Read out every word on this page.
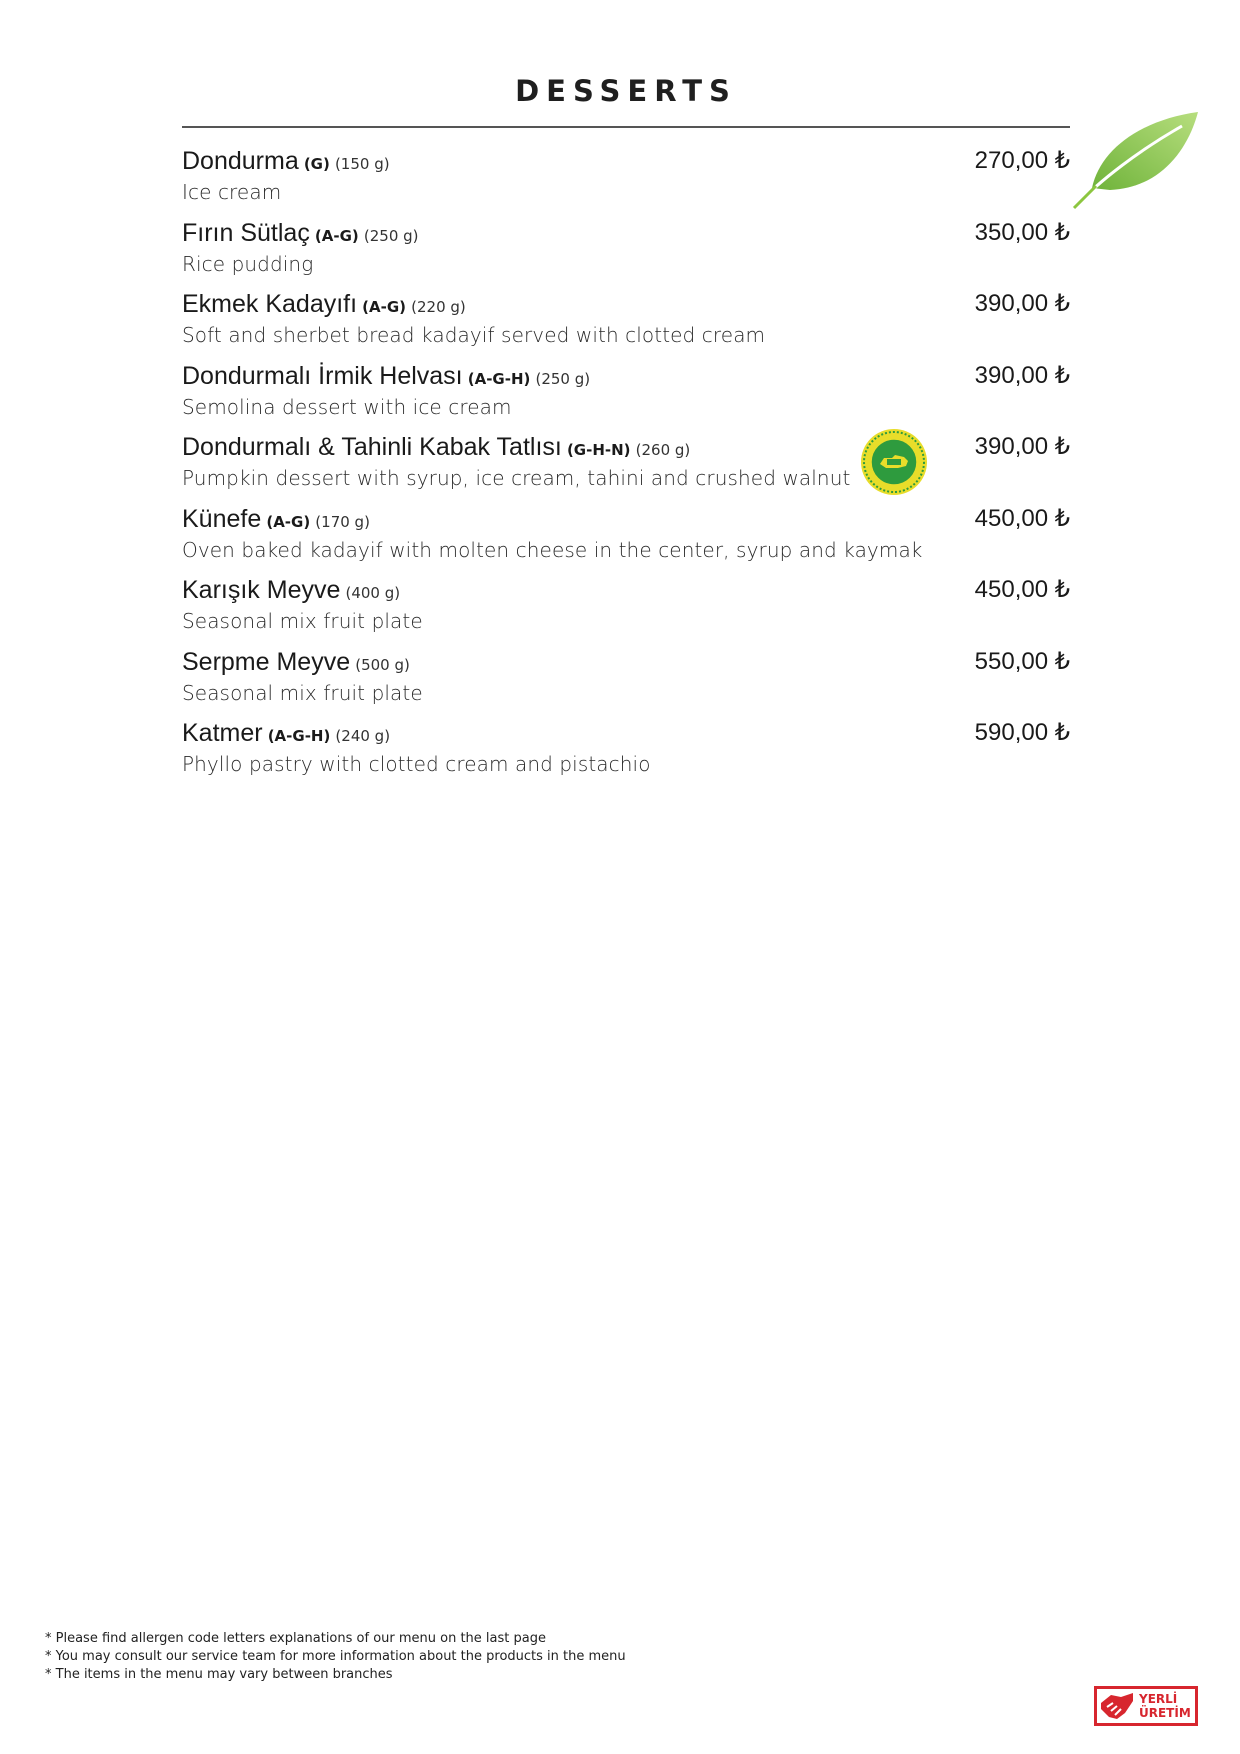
DESSERTS
Dondurma (G) (150 g)
Ice cream
270,00 ₺
Fırın Sütlaç (A-G) (250 g)
Rice pudding
350,00 ₺
Ekmek Kadayıfı (A-G) (220 g)
Soft and sherbet bread kadayif served with clotted cream
390,00 ₺
Dondurmalı İrmik Helvası (A-G-H) (250 g)
Semolina dessert with ice cream
390,00 ₺
Dondurmalı & Tahinli Kabak Tatlısı (G-H-N) (260 g)
Pumpkin dessert with syrup, ice cream, tahini and crushed walnut
390,00 ₺
Künefe (A-G) (170 g)
Oven baked kadayif with molten cheese in the center, syrup and kaymak
450,00 ₺
Karışık Meyve (400 g)
Seasonal mix fruit plate
450,00 ₺
Serpme Meyve (500 g)
Seasonal mix fruit plate
550,00 ₺
Katmer (A-G-H) (240 g)
Phyllo pastry with clotted cream and pistachio
590,00 ₺
* Please find allergen code letters explanations of our menu on the last page
* You may consult our service team for more information about the products in the menu
* The items in the menu may vary between branches
YERLİ
ÜRETİM
